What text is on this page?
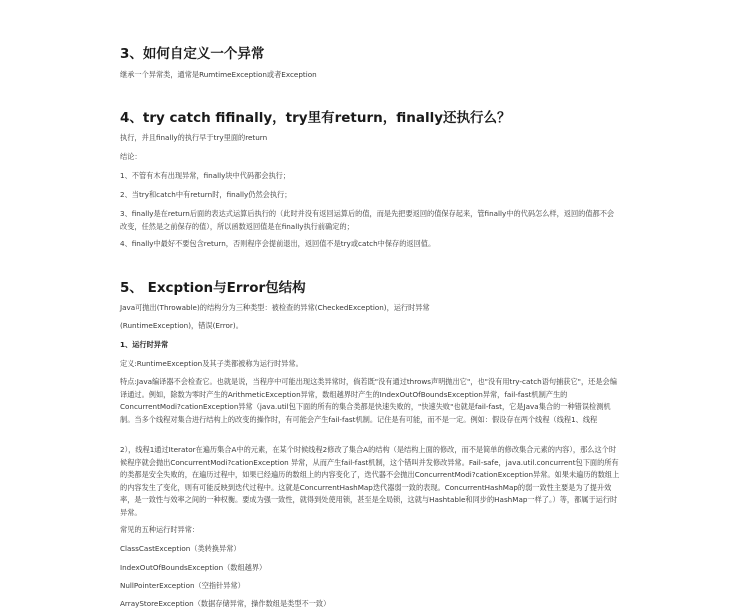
3、如何自定义一个异常

继承一个异常类，通常是RumtimeException或者Exception

4、try catch fifinally，try里有return，finally还执行么？

执行，并且finally的执行早于try里面的return

结论：

1、不管有木有出现异常，finally块中代码都会执行；

2、当try和catch中有return时，finally仍然会执行；

3、finally是在return后面的表达式运算后执行的（此时并没有返回运算后的值，而是先把要返回的值保存起来，管finally中的代码怎么样，返回的值都不会改变，任然是之前保存的值），所以函数返回值是在finally执行前确定的；

4、finally中最好不要包含return，否则程序会提前退出，返回值不是try或catch中保存的返回值。

5、 Excption与Error包结构

Java可抛出(Throwable)的结构分为三种类型：被检查的异常(CheckedException)，运行时异常

(RuntimeException)，错误(Error)。

1、运行时异常

定义:RuntimeException及其子类都被称为运行时异常。

特点:Java编译器不会检查它。也就是说，当程序中可能出现这类异常时，倘若既"没有通过throws声明抛出它"，也"没有用try-catch语句捕获它"，还是会编译通过。例如，除数为零时产生的ArithmeticException异常，数组越界时产生的IndexOutOfBoundsException异常，fail-fast机制产生的ConcurrentModi?cationException异常（java.util包下面的所有的集合类都是快速失败的，"快速失败"也就是fail-fast，它是Java集合的一种错误检测机制。当多个线程对集合进行结构上的改变的操作时，有可能会产生fail-fast机制。记住是有可能，而不是一定。例如：假设存在两个线程（线程1、线程

2），线程1通过Iterator在遍历集合A中的元素，在某个时候线程2修改了集合A的结构（是结构上面的修改，而不是简单的修改集合元素的内容），那么这个时候程序就会抛出ConcurrentModi?cationException 异常，从而产生fail-fast机制，这个错叫并发修改异常。Fail-safe，java.util.concurrent包下面的所有的类都是安全失败的，在遍历过程中，如果已经遍历的数组上的内容变化了，迭代器不会抛出ConcurrentModi?cationException异常。如果未遍历的数组上的内容发生了变化，则有可能反映到迭代过程中。这就是ConcurrentHashMap迭代器弱一致的表现。ConcurrentHashMap的弱一致性主要是为了提升效率，是一致性与效率之间的一种权衡。要成为强一致性，就得到处使用锁，甚至是全局锁，这就与Hashtable和同步的HashMap一样了。）等，都属于运行时异常。

常见的五种运行时异常：

ClassCastException（类转换异常）

IndexOutOfBoundsException（数组越界）

NullPointerException（空指针异常）

ArrayStoreException（数据存储异常，操作数组是类型不一致）
